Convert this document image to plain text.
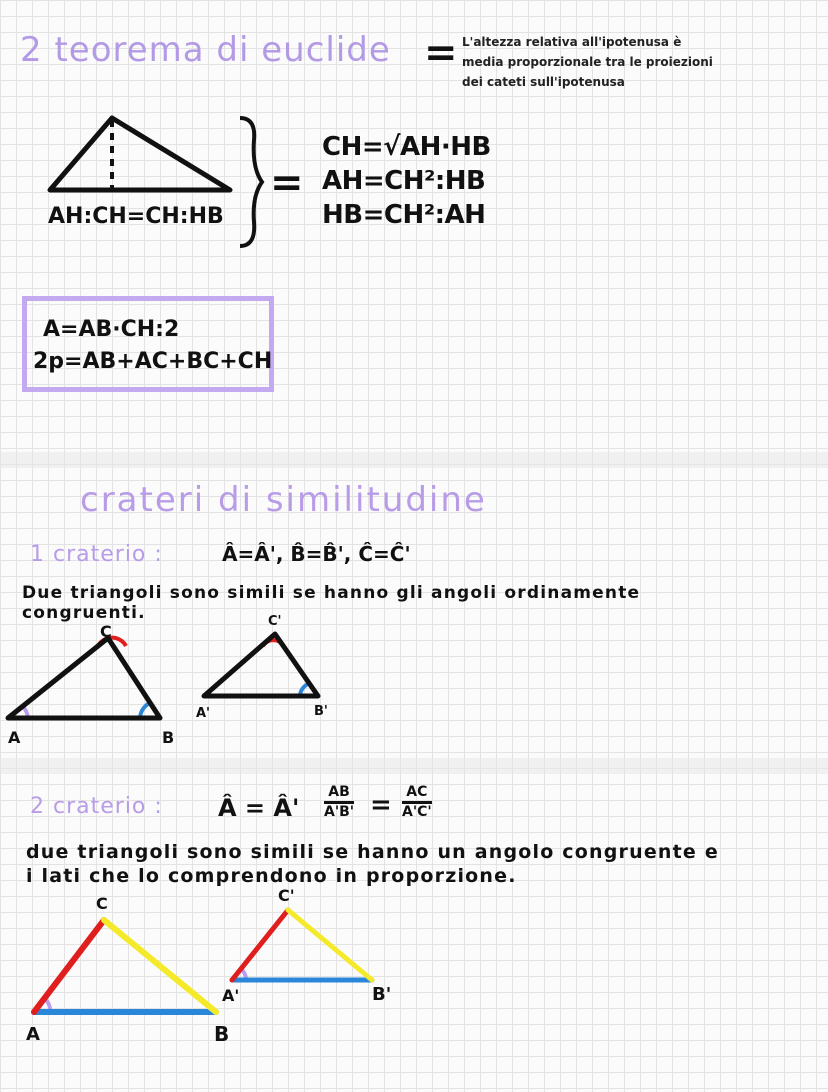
2 teorema di euclide = L'altezza relativa all'ipotenusa è
media proporzionale tra le proiezioni
dei cateti sull'ipotenusa
AH:CH=CH:HB
=
CH=√AH·HB
AH=CH²:HB
HB=CH²:AH
A=AB·CH:2
2p=AB+AC+BC+CH
crateri di similitudine
1 craterio :	Â=Â', B̂=B̂', Ĉ=Ĉ'
Due triangoli sono simili se hanno gli angoli ordinamente
congruenti.
C
A	B
C'
A'	B'
2 craterio : Â = Â' $\frac{AB}{A'B'} = \frac{AC}{A'C'}$
due triangoli sono simili se hanno un angolo congruente e
i lati che lo comprendono in proporzione.
C
A	B
C'
A'	B'
